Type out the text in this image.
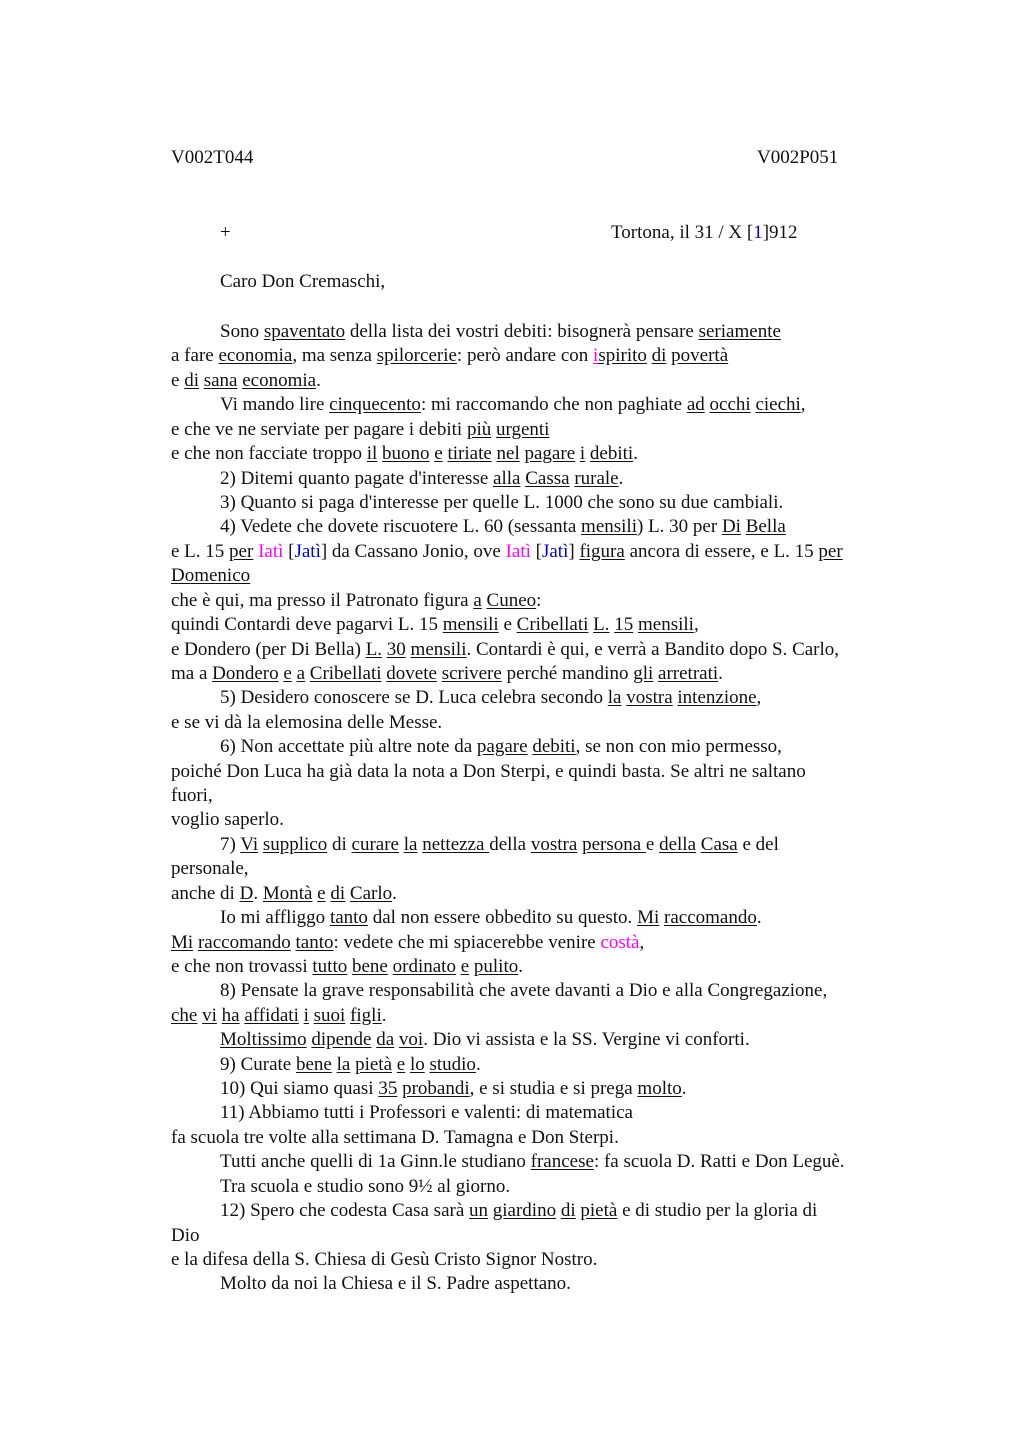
V002T044	V002P051
+	Tortona, il 31 / X [1]912
Caro Don Cremaschi,
Sono spaventato della lista dei vostri debiti: bisognerà pensare seriamente
a fare economia, ma senza spilorcerie: però andare con ispirito di povertà
e di sana economia.
Vi mando lire cinquecento: mi raccomando che non paghiate ad occhi ciechi,
e che ve ne serviate per pagare i debiti più urgenti
e che non facciate troppo il buono e tiriate nel pagare i debiti.
2) Ditemi quanto pagate d'interesse alla Cassa rurale.
3) Quanto si paga d'interesse per quelle L. 1000 che sono su due cambiali.
4) Vedete che dovete riscuotere L. 60 (sessanta mensili) L. 30 per Di Bella
e L. 15 per Iatì [Jatì] da Cassano Jonio, ove Iatì [Jatì] figura ancora di essere, e L. 15 per
Domenico
che è qui, ma presso il Patronato figura a Cuneo:
quindi Contardi deve pagarvi L. 15 mensili e Cribellati L. 15 mensili,
e Dondero (per Di Bella) L. 30 mensili. Contardi è qui, e verrà a Bandito dopo S. Carlo,
ma a Dondero e a Cribellati dovete scrivere perché mandino gli arretrati.
5) Desidero conoscere se D. Luca celebra secondo la vostra intenzione,
e se vi dà la elemosina delle Messe.
6) Non accettate più altre note da pagare debiti, se non con mio permesso,
poiché Don Luca ha già data la nota a Don Sterpi, e quindi basta. Se altri ne saltano
fuori,
voglio saperlo.
7) Vi supplico di curare la nettezza della vostra persona e della Casa e del
personale,
anche di D. Montà e di Carlo.
Io mi affliggo tanto dal non essere obbedito su questo. Mi raccomando.
Mi raccomando tanto: vedete che mi spiacerebbe venire costà,
e che non trovassi tutto bene ordinato e pulito.
8) Pensate la grave responsabilità che avete davanti a Dio e alla Congregazione,
che vi ha affidati i suoi figli.
Moltissimo dipende da voi. Dio vi assista e la SS. Vergine vi conforti.
9) Curate bene la pietà e lo studio.
10) Qui siamo quasi 35 probandi, e si studia e si prega molto.
11) Abbiamo tutti i Professori e valenti: di matematica
fa scuola tre volte alla settimana D. Tamagna e Don Sterpi.
Tutti anche quelli di 1a Ginn.le studiano francese: fa scuola D. Ratti e Don Leguè.
Tra scuola e studio sono 9½ al giorno.
12) Spero che codesta Casa sarà un giardino di pietà e di studio per la gloria di
Dio
e la difesa della S. Chiesa di Gesù Cristo Signor Nostro.
Molto da noi la Chiesa e il S. Padre aspettano.
